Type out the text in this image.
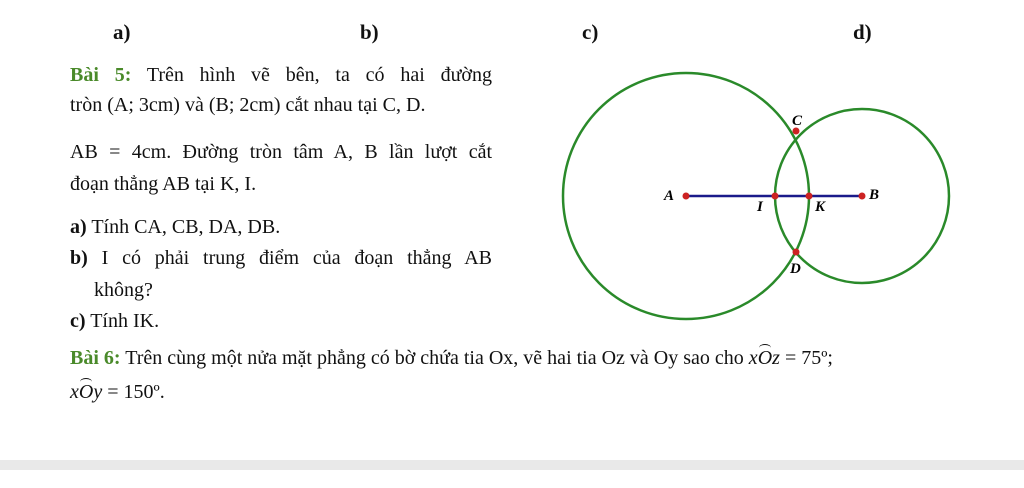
a)	b)	c)	d)
Bài 5: Trên hình vẽ bên, ta có hai đường
tròn (A; 3cm) và (B; 2cm) cắt nhau tại C, D.
AB = 4cm. Đường tròn tâm A, B lần lượt cắt
đoạn thẳng AB tại K, I.
a) Tính CA, CB, DA, DB.
b) I có phải trung điểm của đoạn thẳng AB
không?
c) Tính IK.
Bài 6: Trên cùng một nửa mặt phẳng có bờ chứa tia Ox, vẽ hai tia Oz và Oy sao cho xOz = 75º;
xOy = 150º.
A	B
C
D
I	K
